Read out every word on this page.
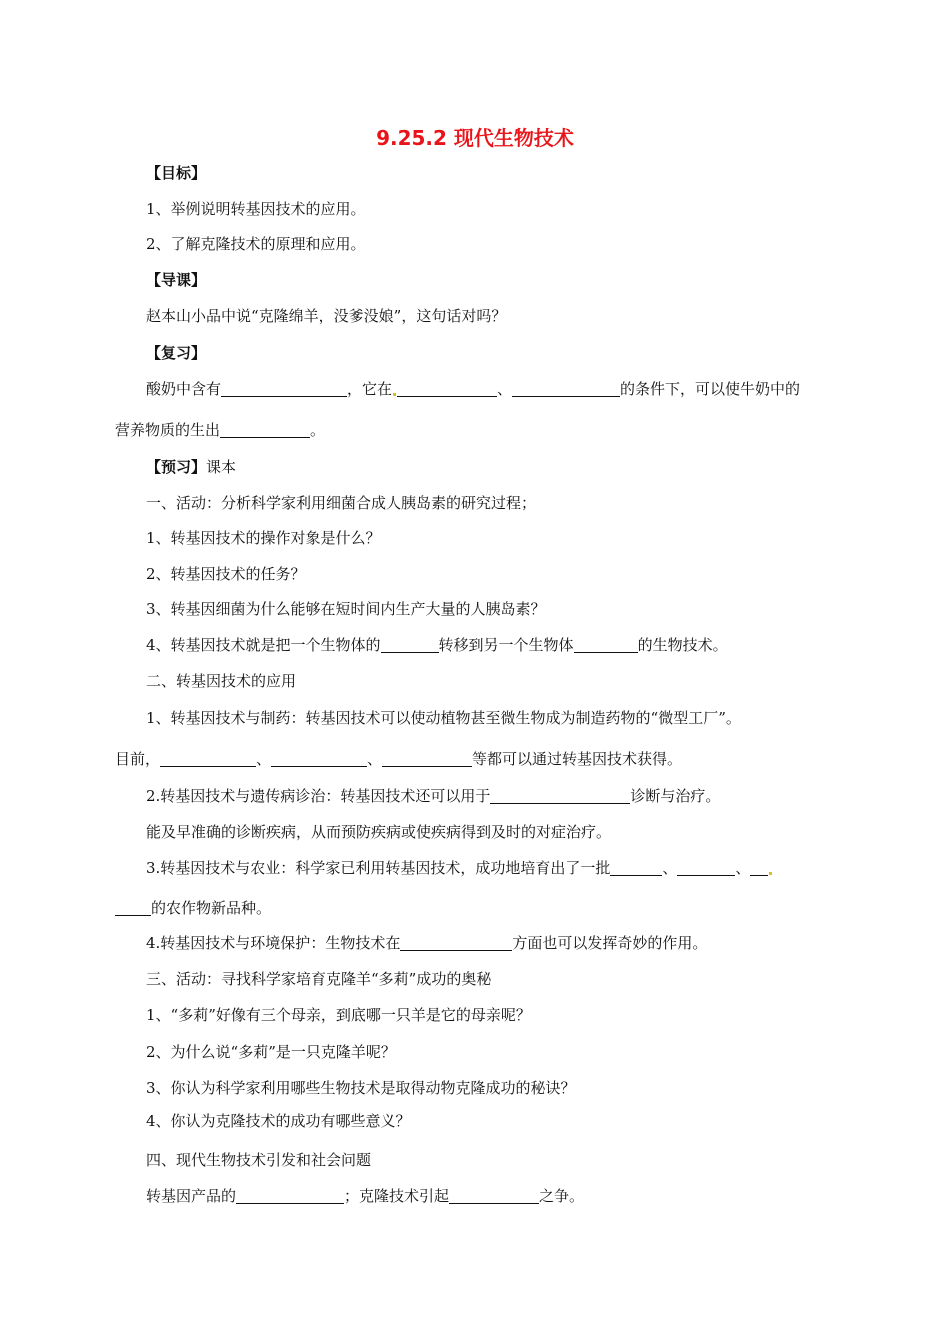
9.25.2 现代生物技术
【目标】
1、举例说明转基因技术的应用。
2、了解克隆技术的原理和应用。
【导课】
赵本山小品中说“克隆绵羊，没爹没娘”，这句话对吗？
【复习】
酸奶中含有	，它在	、	的条件下，可以使牛奶中的
营养物质的生出	。
【预习】课本
一、活动：分析科学家利用细菌合成人胰岛素的研究过程；
1、转基因技术的操作对象是什么？
2、转基因技术的任务？
3、转基因细菌为什么能够在短时间内生产大量的人胰岛素？
4、转基因技术就是把一个生物体的	转移到另一个生物体	的生物技术。
二、转基因技术的应用
1、转基因技术与制药：转基因技术可以使动植物甚至微生物成为制造药物的“微型工厂”。
目前，	、	、	等都可以通过转基因技术获得。
2.转基因技术与遗传病诊治：转基因技术还可以用于	诊断与治疗。
能及早准确的诊断疾病，从而预防疾病或使疾病得到及时的对症治疗。
3.转基因技术与农业：科学家已利用转基因技术，成功地培育出了一批	、	、
的农作物新品种。
4.转基因技术与环境保护：生物技术在	方面也可以发挥奇妙的作用。
三、活动：寻找科学家培育克隆羊“多莉”成功的奥秘
1、“多莉”好像有三个母亲，到底哪一只羊是它的母亲呢？
2、为什么说“多莉”是一只克隆羊呢？
3、你认为科学家利用哪些生物技术是取得动物克隆成功的秘诀？
4、你认为克隆技术的成功有哪些意义？
四、现代生物技术引发和社会问题
转基因产品的	；克隆技术引起	之争。
